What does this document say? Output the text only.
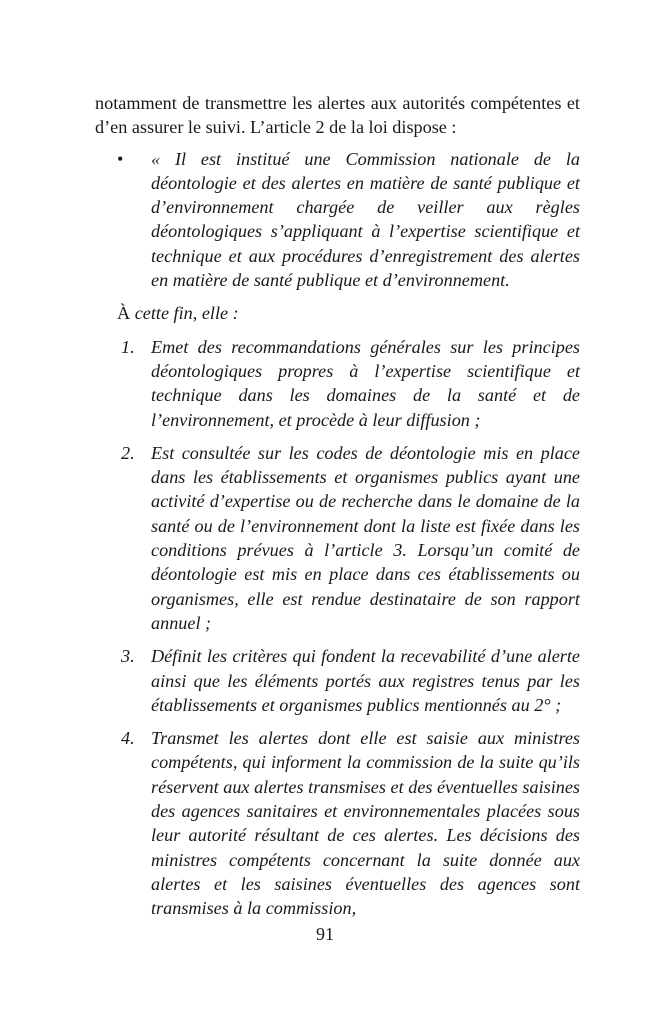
notamment de transmettre les alertes aux autorités compétentes et d’en assurer le suivi. L’article 2 de la loi dispose :

• « Il est institué une Commission nationale de la déontologie et des alertes en matière de santé publique et d’environnement chargée de veiller aux règles déontologiques s’appliquant à l’expertise scientifique et technique et aux procédures d’enregistrement des alertes en matière de santé publique et d’environnement.
À cette fin, elle :
1. Emet des recommandations générales sur les principes déontologiques propres à l’expertise scientifique et technique dans les domaines de la santé et de l’environnement, et procède à leur diffusion ;
2. Est consultée sur les codes de déontologie mis en place dans les établissements et organismes publics ayant une activité d’expertise ou de recherche dans le domaine de la santé ou de l’environnement dont la liste est fixée dans les conditions prévues à l’article 3. Lorsqu’un comité de déontologie est mis en place dans ces établissements ou organismes, elle est rendue destinataire de son rapport annuel ;
3. Définit les critères qui fondent la recevabilité d’une alerte ainsi que les éléments portés aux registres tenus par les établissements et organismes publics mentionnés au 2° ;
4. Transmet les alertes dont elle est saisie aux ministres compétents, qui informent la commission de la suite qu’ils réservent aux alertes transmises et des éventuelles saisines des agences sanitaires et environnementales placées sous leur autorité résultant de ces alertes. Les décisions des ministres compétents concernant la suite donnée aux alertes et les saisines éventuelles des agences sont transmises à la commission,
91
